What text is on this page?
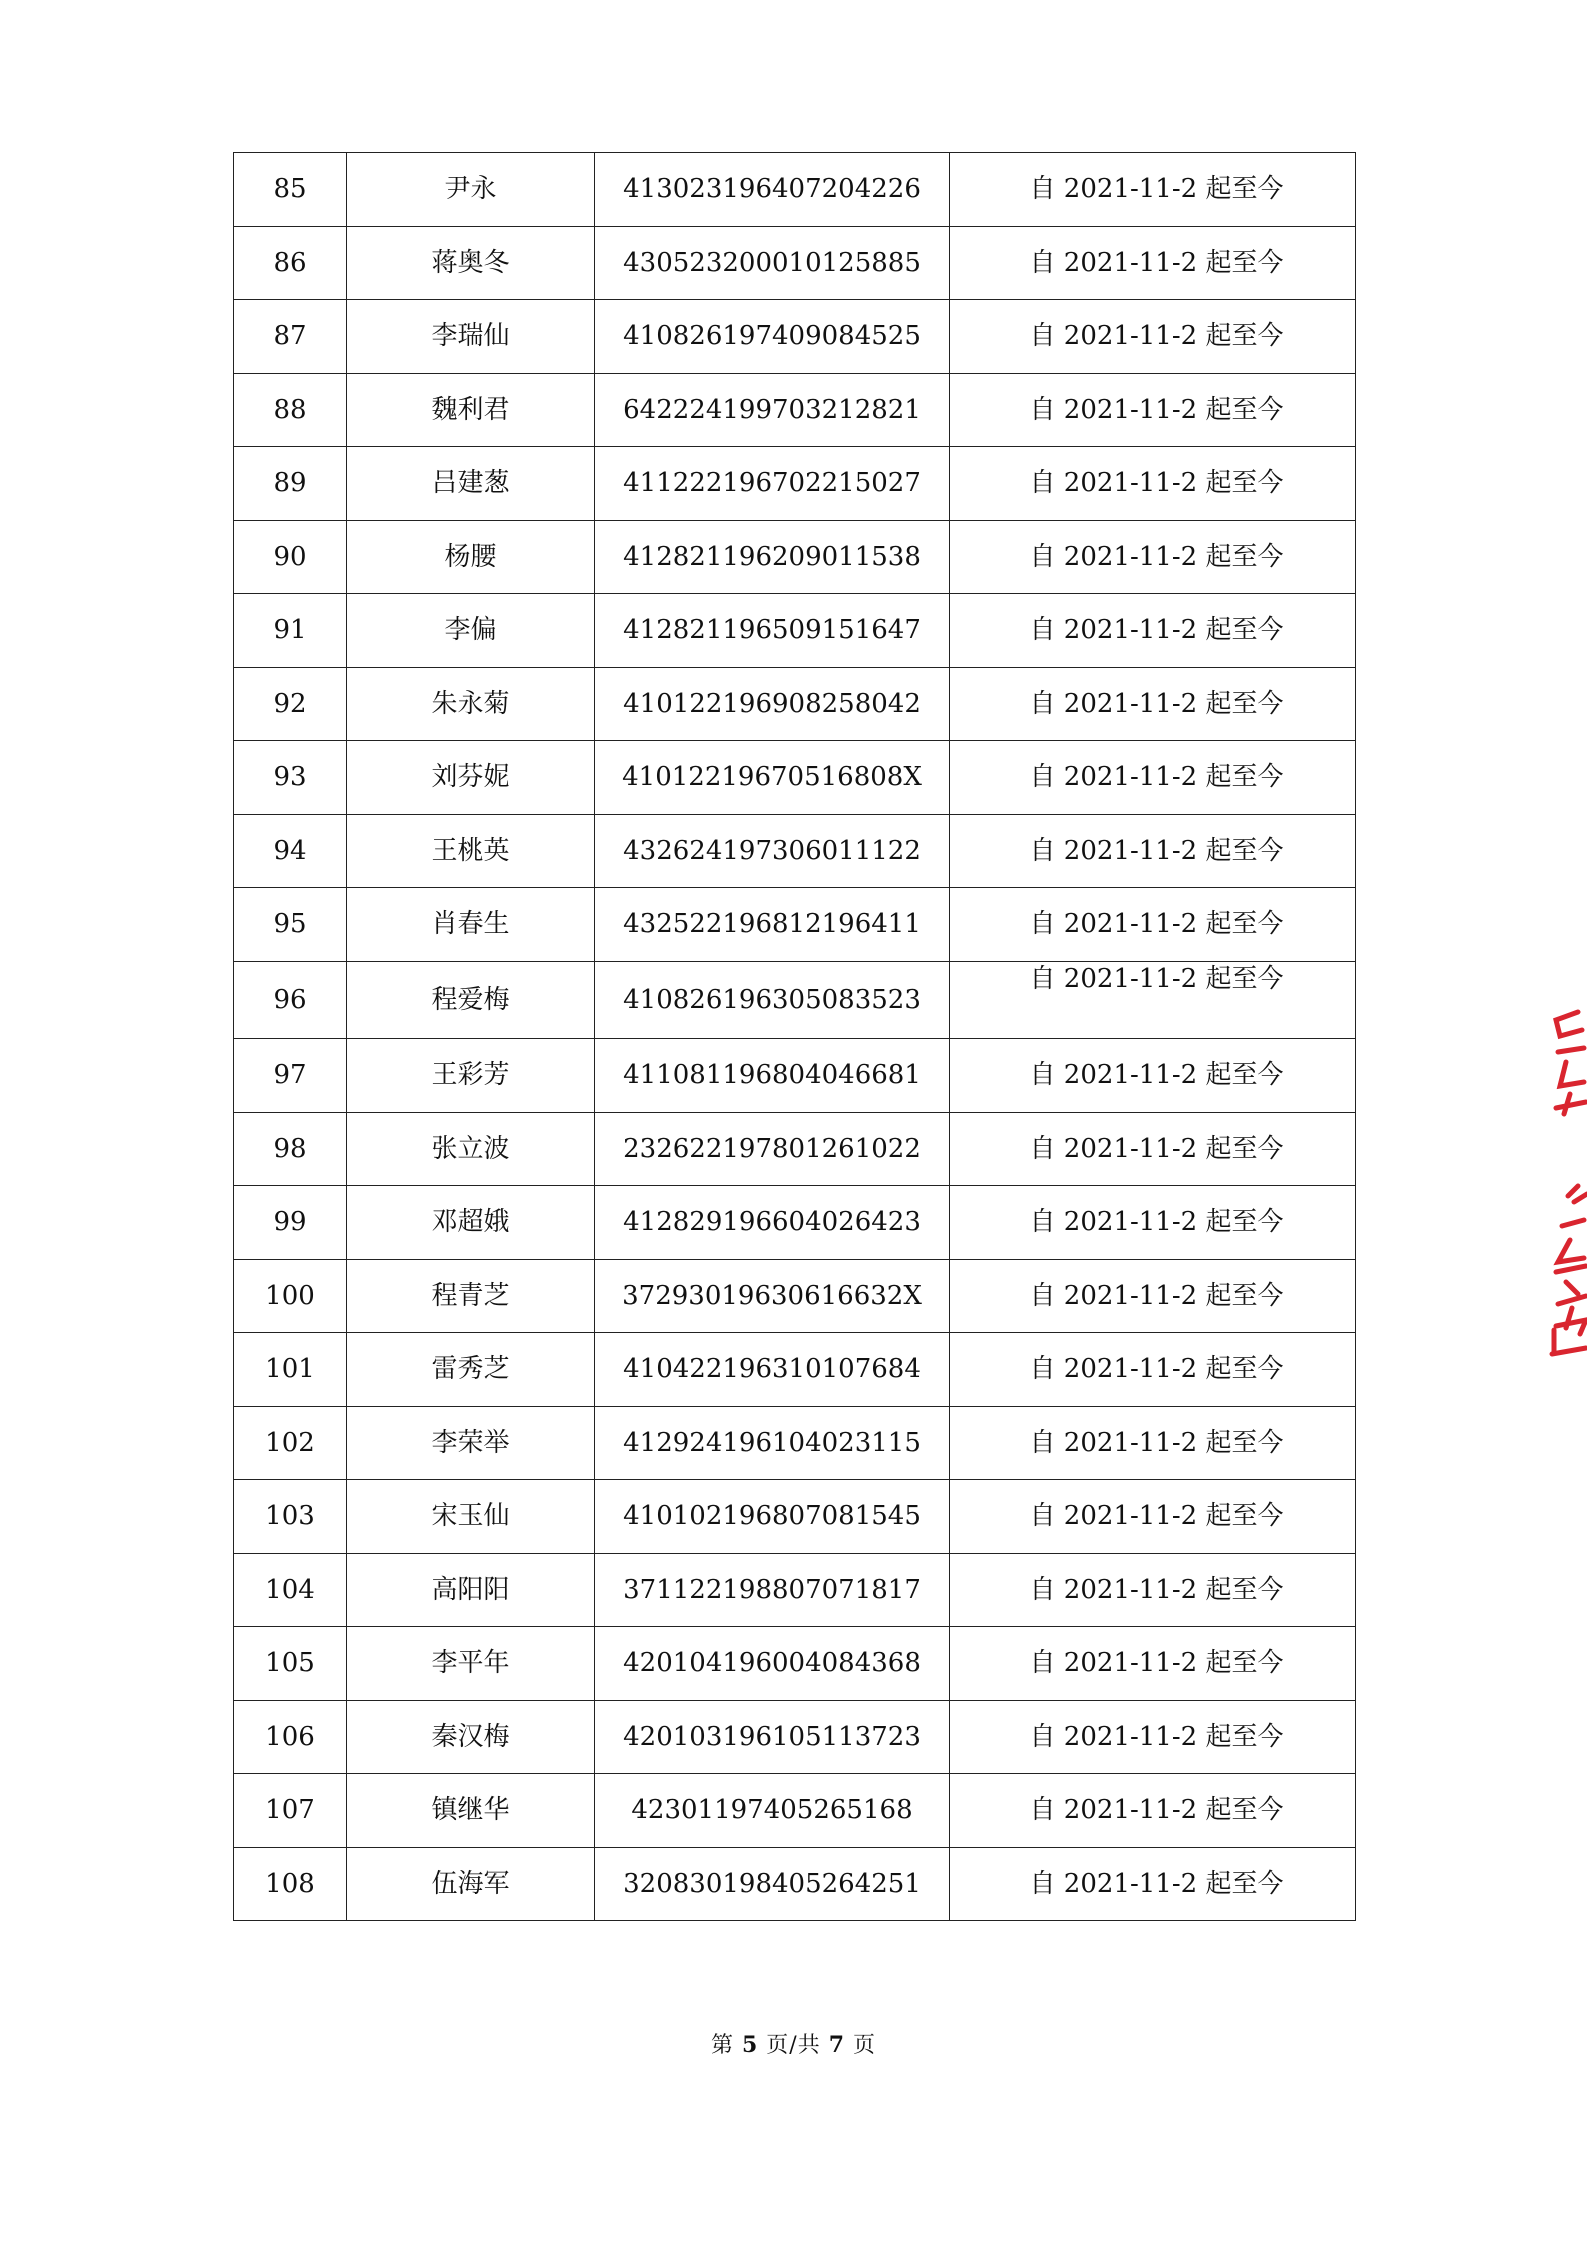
85	尹永	413023196407204226	自 2021-11-2 起至今
86	蒋奥冬	430523200010125885	自 2021-11-2 起至今
87	李瑞仙	410826197409084525	自 2021-11-2 起至今
88	魏利君	642224199703212821	自 2021-11-2 起至今
89	吕建葱	411222196702215027	自 2021-11-2 起至今
90	杨腰	412821196209011538	自 2021-11-2 起至今
91	李偏	412821196509151647	自 2021-11-2 起至今
92	朱永菊	410122196908258042	自 2021-11-2 起至今
93	刘芬妮	41012219670516808X	自 2021-11-2 起至今
94	王桃英	432624197306011122	自 2021-11-2 起至今
95	肖春生	432522196812196411	自 2021-11-2 起至今
96	程爱梅	410826196305083523	自 2021-11-2 起至今
97	王彩芳	411081196804046681	自 2021-11-2 起至今
98	张立波	232622197801261022	自 2021-11-2 起至今
99	邓超娥	412829196604026423	自 2021-11-2 起至今
100	程青芝	37293019630616632X	自 2021-11-2 起至今
101	雷秀芝	410422196310107684	自 2021-11-2 起至今
102	李荣举	412924196104023115	自 2021-11-2 起至今
103	宋玉仙	410102196807081545	自 2021-11-2 起至今
104	高阳阳	371122198807071817	自 2021-11-2 起至今
105	李平年	420104196004084368	自 2021-11-2 起至今
106	秦汉梅	420103196105113723	自 2021-11-2 起至今
107	镇继华	42301197405265168	自 2021-11-2 起至今
108	伍海军	320830198405264251	自 2021-11-2 起至今
第 5 页/共 7 页
